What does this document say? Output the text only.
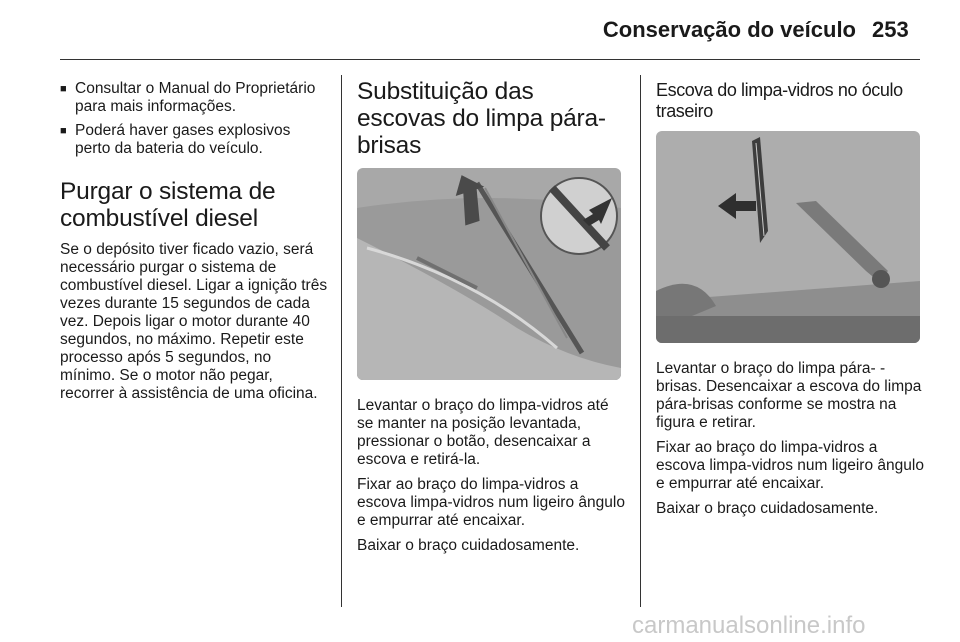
Conservação do veículo 253
■ Consultar o Manual do Proprietário para mais informações.
■ Poderá haver gases explosivos perto da bateria do veículo.
Purgar o sistema de combustível diesel

Se o depósito tiver ficado vazio, será necessário purgar o sistema de combustível diesel. Ligar a ignição três vezes durante 15 segundos de cada vez. Depois ligar o motor durante 40 segundos, no máximo. Repetir este processo após 5 segundos, no mínimo. Se o motor não pegar, recorrer à assistência de uma oficina.

Substituição das escovas do limpa pára-brisas

Levantar o braço do limpa-vidros até se manter na posição levantada, pressionar o botão, desencaixar a escova e retirá-la.

Fixar ao braço do limpa-vidros a escova limpa-vidros num ligeiro ângulo e empurrar até encaixar.

Baixar o braço cuidadosamente.

Escova do limpa-vidros no óculo traseiro

Levantar o braço do limpa pára- -brisas. Desencaixar a escova do limpa pára-brisas conforme se mostra na figura e retirar.

Fixar ao braço do limpa-vidros a escova limpa-vidros num ligeiro ângulo e empurrar até encaixar.

Baixar o braço cuidadosamente.

carmanualsonline.info
